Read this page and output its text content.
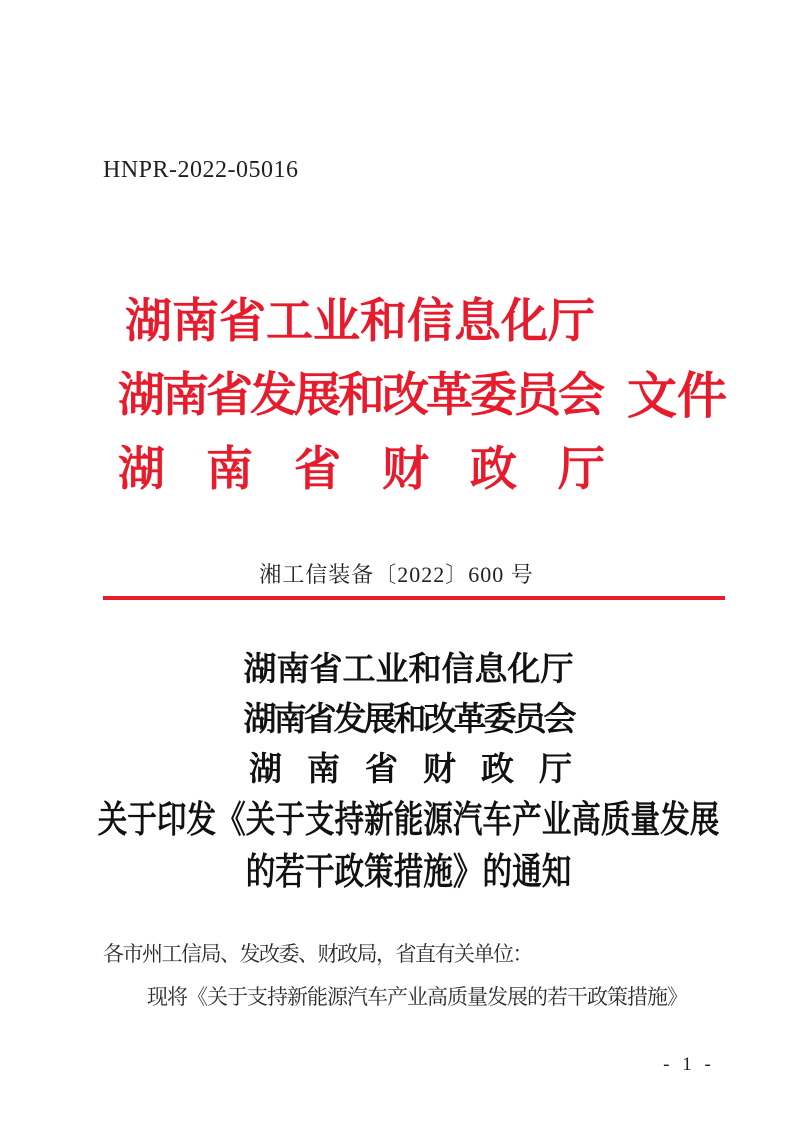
HNPR-2022-05016
湖南省工业和信息化厅
湖南省发展和改革委员会
湖　南　省　财　政　厅
文件
湘工信装备〔2022〕600 号
湖南省工业和信息化厅
湖南省发展和改革委员会
湖　南　省　财　政　厅
关于印发《关于支持新能源汽车产业高质量发展
的若干政策措施》的通知
各市州工信局、发改委、财政局，省直有关单位：
现将《关于支持新能源汽车产业高质量发展的若干政策措施》
- 1 -
